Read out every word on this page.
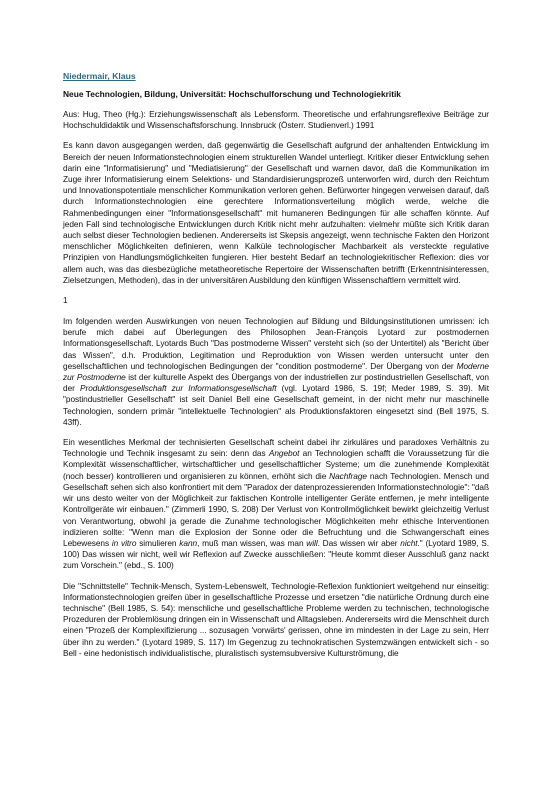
Niedermair, Klaus
Neue Technologien, Bildung, Universität: Hochschulforschung und Technologiekritik

Aus: Hug, Theo (Hg.): Erziehungswissenschaft als Lebensform. Theoretische und erfahrungsreflexive Beiträge zur Hochschuldidaktik und Wissenschaftsforschung. Innsbruck (Österr. Studienverl.) 1991

Es kann davon ausgegangen werden, daß gegenwärtig die Gesellschaft aufgrund der anhaltenden Entwicklung im Bereich der neuen Informationstechnologien einem strukturellen Wandel unterliegt. Kritiker dieser Entwicklung sehen darin eine "Informatisierung" und "Mediatisierung" der Gesellschaft und warnen davor, daß die Kommunikation im Zuge ihrer Informatisierung einem Selektions- und Standardisierungsprozeß unterworfen wird, durch den Reichtum und Innovationspotentiale menschlicher Kommunikation verloren gehen. Befürworter hingegen verweisen darauf, daß durch Informationstechnologien eine gerechtere Informationsverteilung möglich werde, welche die Rahmenbedingungen einer "Informationsgesellschaft" mit humaneren Bedingungen für alle schaffen könnte. Auf jeden Fall sind technologische Entwicklungen durch Kritik nicht mehr aufzuhalten: vielmehr müßte sich Kritik daran auch selbst dieser Technologien bedienen. Andererseits ist Skepsis angezeigt, wenn technische Fakten den Horizont menschlicher Möglichkeiten definieren, wenn Kalküle technologischer Machbarkeit als versteckte regulative Prinzipien von Handlungsmöglichkeiten fungieren. Hier besteht Bedarf an technologiekritischer Reflexion: dies vor allem auch, was das diesbezügliche metatheoretische Repertoire der Wissenschaften betrifft (Erkenntnisinteressen, Zielsetzungen, Methoden), das in der universitären Ausbildung den künftigen Wissenschaftlern vermittelt wird.

1

Im folgenden werden Auswirkungen von neuen Technologien auf Bildung und Bildungsinstitutionen umrissen: ich berufe mich dabei auf Überlegungen des Philosophen Jean-François Lyotard zur postmodernen Informationsgesellschaft. Lyotards Buch "Das postmoderne Wissen" versteht sich (so der Untertitel) als "Bericht über das Wissen", d.h. Produktion, Legitimation und Reproduktion von Wissen werden untersucht unter den gesellschaftlichen und technologischen Bedingungen der "condition postmoderne". Der Übergang von der Moderne zur Postmoderne ist der kulturelle Aspekt des Übergangs von der industriellen zur postindustriellen Gesellschaft, von der Produktionsgesellschaft zur Informationsgesellschaft (vgl. Lyotard 1986, S. 19f; Meder 1989, S. 39). Mit "postindustrieller Gesellschaft" ist seit Daniel Bell eine Gesellschaft gemeint, in der nicht mehr nur maschinelle Technologien, sondern primär "intellektuelle Technologien" als Produktionsfaktoren eingesetzt sind (Bell 1975, S. 43ff).

Ein wesentliches Merkmal der technisierten Gesellschaft scheint dabei ihr zirkuläres und paradoxes Verhältnis zu Technologie und Technik insgesamt zu sein: denn das Angebot an Technologien schafft die Voraussetzung für die Komplexität wissenschaftlicher, wirtschaftlicher und gesellschaftlicher Systeme; um die zunehmende Komplexität (noch besser) kontrollieren und organisieren zu können, erhöht sich die Nachfrage nach Technologien. Mensch und Gesellschaft sehen sich also konfrontiert mit dem "Paradox der datenprozessierenden Informationstechnologie": "daß wir uns desto weiter von der Möglichkeit zur faktischen Kontrolle intelligenter Geräte entfernen, je mehr intelligente Kontrollgeräte wir einbauen." (Zimmerli 1990, S. 208) Der Verlust von Kontrollmöglichkeit bewirkt gleichzeitig Verlust von Verantwortung, obwohl ja gerade die Zunahme technologischer Möglichkeiten mehr ethische Interventionen indizieren sollte: "Wenn man die Explosion der Sonne oder die Befruchtung und die Schwangerschaft eines Lebewesens in vitro simulieren kann, muß man wissen, was man will. Das wissen wir aber nicht." (Lyotard 1989, S. 100) Das wissen wir nicht, weil wir Reflexion auf Zwecke ausschließen: "Heute kommt dieser Ausschluß ganz nackt zum Vorschein." (ebd., S. 100)

Die "Schnittstelle" Technik-Mensch, System-Lebenswelt, Technologie-Reflexion funktioniert weitgehend nur einseitig: Informationstechnologien greifen über in gesellschaftliche Prozesse und ersetzen "die natürliche Ordnung durch eine technische" (Bell 1985, S. 54): menschliche und gesellschaftliche Probleme werden zu technischen, technologische Prozeduren der Problemlösung dringen ein in Wissenschaft und Alltagsleben. Andererseits wird die Menschheit durch einen "Prozeß der Komplexifizierung ... sozusagen 'vorwärts' gerissen, ohne im mindesten in der Lage zu sein, Herr über ihn zu werden." (Lyotard 1989, S. 117) Im Gegenzug zu technokratischen Systemzwängen entwickelt sich - so Bell - eine hedonistisch individualistische, pluralistisch systemsubversive Kulturströmung, die
